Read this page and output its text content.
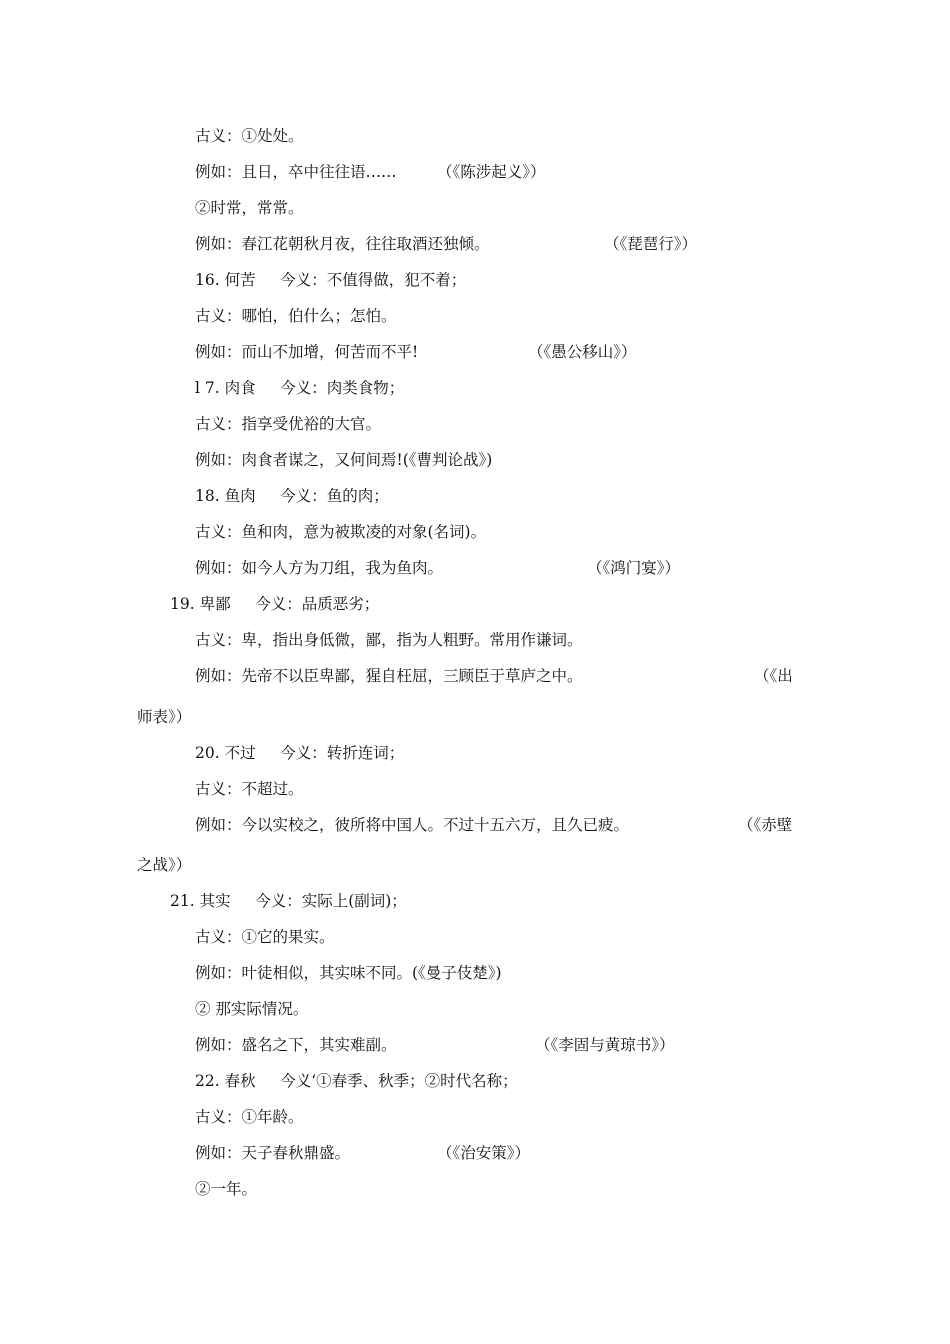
古义：①处处。
例如：且日，卒中往往语……	（《陈涉起义》）
②时常，常常。
例如：春江花朝秋月夜，往往取酒还独倾。	（《琵琶行》）
16. 何苦     今义：不值得做，犯不着；
古义：哪怕，伯什么；怎怕。
例如：而山不加增，何苦而不平!	（《愚公移山》）
l 7. 肉食     今义：肉类食物；
古义：指享受优裕的大官。
例如：肉食者谋之，又何间焉!(《曹判论战》)
18. 鱼肉     今义：鱼的肉；
古义：鱼和肉，意为被欺凌的对象(名词)。
例如：如今人方为刀组，我为鱼肉。	（《鸿门宴》）
19. 卑鄙     今义：品质恶劣；
古义：卑，指出身低微，鄙，指为人粗野。常用作谦词。
例如：先帝不以臣卑鄙，猩自枉屈，三顾臣于草庐之中。	（《出
师表》）
20. 不过     今义：转折连词；
古义：不超过。
例如：今以实校之，彼所将中国人。不过十五六万，且久已疲。	（《赤壁
之战》）
21. 其实     今义：实际上(副词)；
古义：①它的果实。
例如：叶徒相似，其实味不同。(《曼子伎楚》)
② 那实际情况。
例如：盛名之下，其实难副。	（《李固与黄琼书》）
22. 春秋     今义‘①春季、秋季；②时代名称；
古义：①年龄。
例如：天子春秋鼎盛。	（《治安策》）
②一年。
